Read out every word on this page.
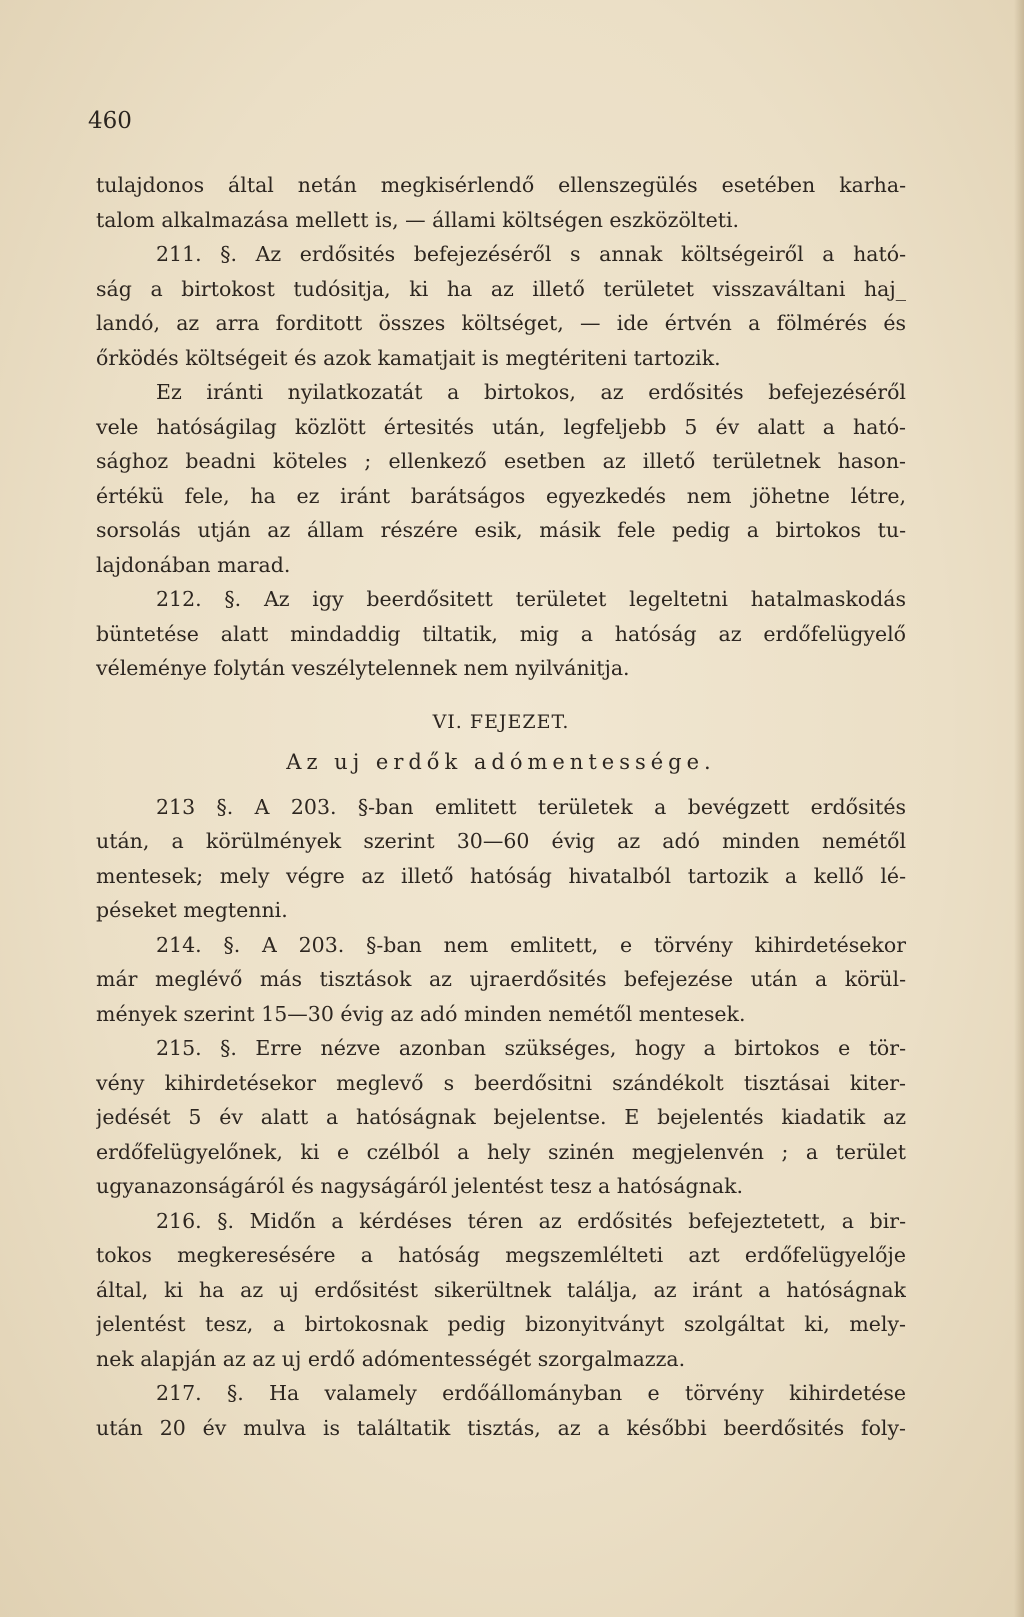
460
tulajdonos által netán megkisérlendő ellenszegülés esetében karha-
talom alkalmazása mellett is, — állami költségen eszközölteti.
211. §. Az erdősités befejezéséről s annak költségeiről a ható-
ság a birtokost tudósitja, ki ha az illető területet visszaváltani haj_
landó, az arra forditott összes költséget, — ide értvén a fölmérés és
őrködés költségeit és azok kamatjait is megtériteni tartozik.
Ez iránti nyilatkozatát a birtokos, az erdősités befejezéséről
vele hatóságilag közlött értesités után, legfeljebb 5 év alatt a ható-
sághoz beadni köteles ; ellenkező esetben az illető területnek hason-
értékü fele, ha ez iránt barátságos egyezkedés nem jöhetne létre,
sorsolás utján az állam részére esik, másik fele pedig a birtokos tu-
lajdonában marad.
212. §. Az igy beerdősitett területet legeltetni hatalmaskodás
büntetése alatt mindaddig tiltatik, mig a hatóság az erdőfelügyelő
véleménye folytán veszélytelennek nem nyilvánitja.
VI. FEJEZET.
Az uj erdők adómentessége.
213 §. A 203. §-ban emlitett területek a bevégzett erdősités
után, a körülmények szerint 30—60 évig az adó minden nemétől
mentesek; mely végre az illető hatóság hivatalból tartozik a kellő lé-
péseket megtenni.
214. §. A 203. §-ban nem emlitett, e törvény kihirdetésekor
már meglévő más tisztások az ujraerdősités befejezése után a körül-
mények szerint 15—30 évig az adó minden nemétől mentesek.
215. §. Erre nézve azonban szükséges, hogy a birtokos e tör-
vény kihirdetésekor meglevő s beerdősitni szándékolt tisztásai kiter-
jedését 5 év alatt a hatóságnak bejelentse. E bejelentés kiadatik az
erdőfelügyelőnek, ki e czélból a hely szinén megjelenvén ; a terület
ugyanazonságáról és nagyságáról jelentést tesz a hatóságnak.
216. §. Midőn a kérdéses téren az erdősités befejeztetett, a bir-
tokos megkeresésére a hatóság megszemlélteti azt erdőfelügyelője
által, ki ha az uj erdősitést sikerültnek találja, az iránt a hatóságnak
jelentést tesz, a birtokosnak pedig bizonyitványt szolgáltat ki, mely-
nek alapján az az uj erdő adómentességét szorgalmazza.
217. §. Ha valamely erdőállományban e törvény kihirdetése
után 20 év mulva is találtatik tisztás, az a későbbi beerdősités foly-
